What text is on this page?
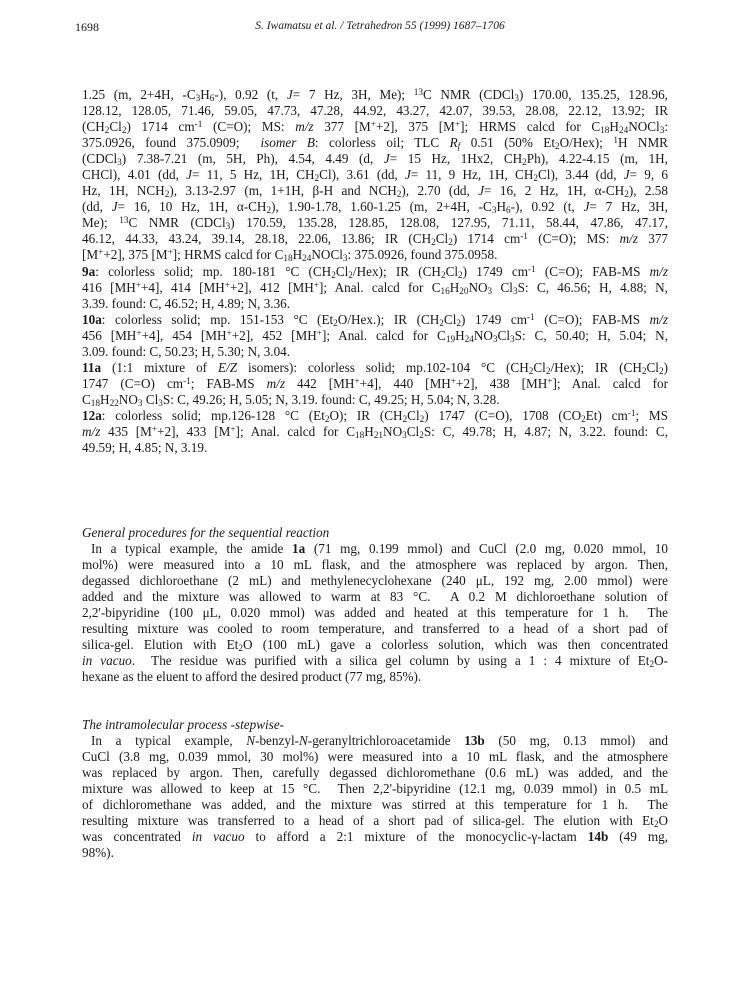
1698	S. Iwamatsu et al. / Tetrahedron 55 (1999) 1687–1706
1.25 (m, 2+4H, $-C_3H_6-$), 0.92 (t, J= 7 Hz, 3H, Me); $^{13}$C NMR (CDCl$_3$) 170.00, 135.25, 128.96,
128.12, 128.05, 71.46, 59.05, 47.73, 47.28, 44.92, 43.27, 42.07, 39.53, 28.08, 22.12, 13.92; IR
$(CH_2Cl_2)$ 1714 $cm^{-1}$ (C=O); MS: m/z 377 [M++2], 375 [M+]; HRMS calcd for $C_{18}H_{24}NOCl_3$:
375.0926, found 375.0909;  isomer B: colorless oil; TLC $R_f$ 0.51 (50% $Et_2O/Hex$); $^1$H NMR
(CDCl$_3$) 7.38-7.21 (m, 5H, Ph), 4.54, 4.49 (d, J= 15 Hz, 1Hx2, $CH_2Ph$), 4.22-4.15 (m, 1H,
CHCl), 4.01 (dd, J= 11, 5 Hz, 1H, $CH_2Cl$), 3.61 (dd, J= 11, 9 Hz, 1H, $CH_2Cl$), 3.44 (dd, J= 9, 6
Hz, 1H, $NCH_2$), 3.13-2.97 (m, 1+1H, β-H and $NCH_2$), 2.70 (dd, J= 16, 2 Hz, 1H, $\alpha-CH_2$), 2.58
(dd, J= 16, 10 Hz, 1H, $\alpha-CH_2$), 1.90-1.78, 1.60-1.25 (m, 2+4H, $-C_3H_6-$), 0.92 (t, J= 7 Hz, 3H,
Me); $^{13}$C NMR (CDCl$_3$) 170.59, 135.28, 128.85, 128.08, 127.95, 71.11, 58.44, 47.86, 47.17,
46.12, 44.33, 43.24, 39.14, 28.18, 22.06, 13.86; IR $(CH_2Cl_2)$ 1714 $cm^{-1}$ (C=O); MS: m/z 377
[M++2], 375 [M+]; HRMS calcd for $C_{18}H_{24}NOCl_3$: 375.0926, found 375.0958.
9a: colorless solid; mp. 180-181 °C $(CH_2Cl_2/Hex)$; IR $(CH_2Cl_2)$ 1749 $cm^{-1}$ (C=O); FAB-MS m/z
416 [MH++4], 414 [MH++2], 412 [MH+]; Anal. calcd for $C_{16}H_{20}NO_3$ $Cl_3S$: C, 46.56; H, 4.88; N,
3.39. found: C, 46.52; H, 4.89; N, 3.36.
10a: colorless solid; mp. 151-153 °C $(Et_2O/Hex.)$; IR $(CH_2Cl_2)$ 1749 $cm^{-1}$ (C=O); FAB-MS m/z
456 [MH++4], 454 [MH++2], 452 [MH+]; Anal. calcd for $C_{19}H_{24}NO_3Cl_3S$: C, 50.40; H, 5.04; N,
3.09. found: C, 50.23; H, 5.30; N, 3.04.
11a (1:1 mixture of E/Z isomers): colorless solid; mp.102-104 °C $(CH_2Cl_2/Hex)$; IR $(CH_2Cl_2)$
1747 (C=O) $cm^{-1}$; FAB-MS m/z 442 [MH++4], 440 [MH++2], 438 [MH+]; Anal. calcd for
$C_{18}H_{22}NO_3$ $Cl_3S$: C, 49.26; H, 5.05; N, 3.19. found: C, 49.25; H, 5.04; N, 3.28.
12a: colorless solid; mp.126-128 °C $(Et_2O)$; IR $(CH_2Cl_2)$ 1747 (C=O), 1708 $(CO_2Et)$ $cm^{-1}$; MS
m/z 435 [M++2], 433 [M+]; Anal. calcd for $C_{18}H_{21}NO_3Cl_2S$: C, 49.78; H, 4.87; N, 3.22. found: C,
49.59; H, 4.85; N, 3.19.
General procedures for the sequential reaction
In a typical example, the amide 1a (71 mg, 0.199 mmol) and CuCl (2.0 mg, 0.020 mmol, 10
mol%) were measured into a 10 mL flask, and the atmosphere was replaced by argon. Then,
degassed dichloroethane (2 mL) and methylenecyclohexane (240 μL, 192 mg, 2.00 mmol) were
added and the mixture was allowed to warm at 83 °C.  A 0.2 M dichloroethane solution of
2,2'-bipyridine (100 μL, 0.020 mmol) was added and heated at this temperature for 1 h.  The
resulting mixture was cooled to room temperature, and transferred to a head of a short pad of
silica-gel. Elution with $Et_2O$ (100 mL) gave a colorless solution, which was then concentrated
in vacuo.  The residue was purified with a silica gel column by using a 1 : 4 mixture of $Et_2O-$
hexane as the eluent to afford the desired product (77 mg, 85%).
The intramolecular process -stepwise-
In a typical example, N-benzyl-N-geranyltrichloroacetamide 13b (50 mg, 0.13 mmol) and
CuCl (3.8 mg, 0.039 mmol, 30 mol%) were measured into a 10 mL flask, and the atmosphere
was replaced by argon. Then, carefully degassed dichloromethane (0.6 mL) was added, and the
mixture was allowed to keep at 15 °C.  Then 2,2'-bipyridine (12.1 mg, 0.039 mmol) in 0.5 mL
of dichloromethane was added, and the mixture was stirred at this temperature for 1 h.  The
resulting mixture was transferred to a head of a short pad of silica-gel. The elution with $Et_2O$
was concentrated in vacuo to afford a 2:1 mixture of the monocyclic-γ-lactam 14b (49 mg,
98%).
